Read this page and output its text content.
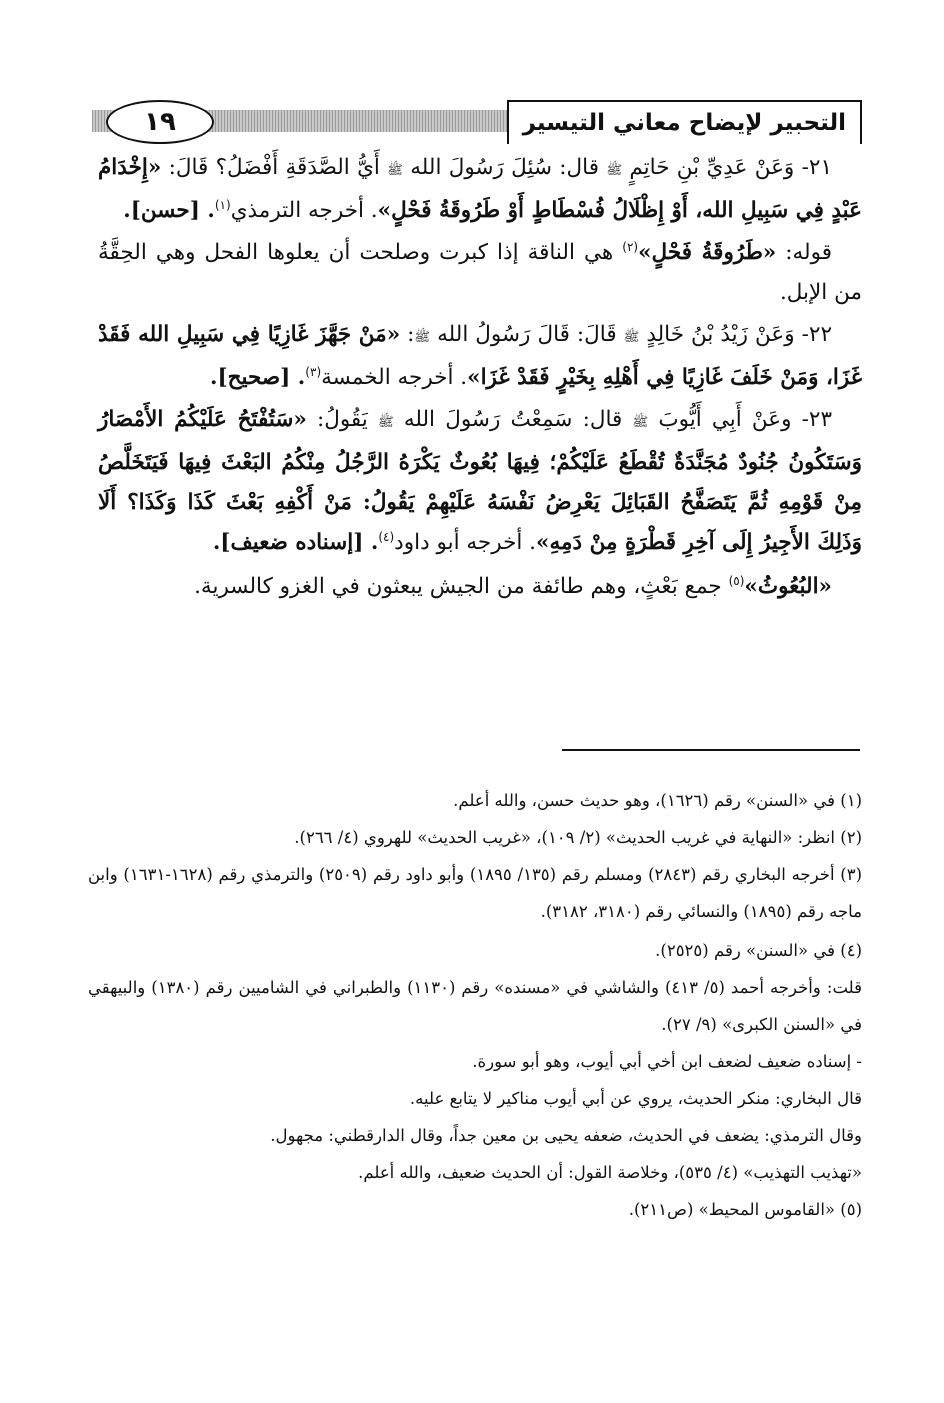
التحبير لإيضاح معاني التيسير
١٩

٢١- وَعَنْ عَدِيِّ بْنِ حَاتِمٍ ﷺ قال: سُئِلَ رَسُولَ الله ﷺ أَيُّ الصَّدَقَةِ أَفْضَلُ؟ قَالَ: «إِخْدَامُ عَبْدٍ فِي سَبِيلِ الله، أَوْ إِظْلَالُ فُسْطَاطٍ أَوْ طَرُوقَةُ فَحْلٍ». أخرجه الترمذي$^{(١)}$. [حسن].

قوله: «طَرُوقَةُ فَحْلٍ»$^{(٢)}$ هي الناقة إذا كبرت وصلحت أن يعلوها الفحل وهي الحِقَّةُ من الإبل.

٢٢- وَعَنْ زَيْدُ بْنُ خَالِدٍ ﷺ قَالَ: قَالَ رَسُولُ الله ﷺ: «مَنْ جَهَّزَ غَازِيًا فِي سَبِيلِ الله فَقَدْ غَزَا، وَمَنْ خَلَفَ غَازِيًا فِي أَهْلِهِ بِخَيْرٍ فَقَدْ غَزَا». أخرجه الخمسة$^{(٣)}$. [صحيح].

٢٣- وعَنْ أَبِي أَيُّوبَ ﷺ قال: سَمِعْتُ رَسُولَ الله ﷺ يَقُولُ: «سَتُفْتَحُ عَلَيْكُمُ الأَمْصَارُ وَسَتَكُونُ جُنُودٌ مُجَنَّدَةٌ تُقْطَعُ عَلَيْكُمْ؛ فِيهَا بُعُوثٌ يَكْرَهُ الرَّجُلُ مِنْكُمُ البَعْثَ فِيهَا فَيَتَخَلَّصُ مِنْ قَوْمِهِ ثُمَّ يَتَصَفَّحُ القَبَائِلَ يَعْرِضُ نَفْسَهُ عَلَيْهِمْ يَقُولُ: مَنْ أَكْفِهِ بَعْثَ كَذَا وَكَذَا؟ أَلَا وَذَلِكَ الأَجِيرُ إِلَى آخِرِ قَطْرَةٍ مِنْ دَمِهِ». أخرجه أبو داود$^{(٤)}$. [إسناده ضعيف].

«البُعُوثُ»$^{(٥)}$ جمع بَعْثٍ، وهم طائفة من الجيش يبعثون في الغزو كالسرية.

(١) في «السنن» رقم (١٦٢٦)، وهو حديث حسن، والله أعلم.

(٢) انظر: «النهاية في غريب الحديث» (٢/ ١٠٩)، «غريب الحديث» للهروي (٤/ ٢٦٦).

(٣) أخرجه البخاري رقم (٢٨٤٣) ومسلم رقم (١٣٥/ ١٨٩٥) وأبو داود رقم (٢٥٠٩) والترمذي رقم (١٦٢٨-١٦٣١) وابن ماجه رقم (١٨٩٥) والنسائي رقم (٣١٨٠، ٣١٨٢).

(٤) في «السنن» رقم (٢٥٢٥).

قلت: وأخرجه أحمد (٥/ ٤١٣) والشاشي في «مسنده» رقم (١١٣٠) والطبراني في الشاميين رقم (١٣٨٠) والبيهقي في «السنن الكبرى» (٩/ ٢٧).

- إسناده ضعيف لضعف ابن أخي أبي أيوب، وهو أبو سورة.

قال البخاري: منكر الحديث، يروي عن أبي أيوب مناكير لا يتابع عليه.

وقال الترمذي: يضعف في الحديث، ضعفه يحيى بن معين جداً، وقال الدارقطني: مجهول.

«تهذيب التهذيب» (٤/ ٥٣٥)، وخلاصة القول: أن الحديث ضعيف، والله أعلم.

(٥) «القاموس المحيط» (ص٢١١).
